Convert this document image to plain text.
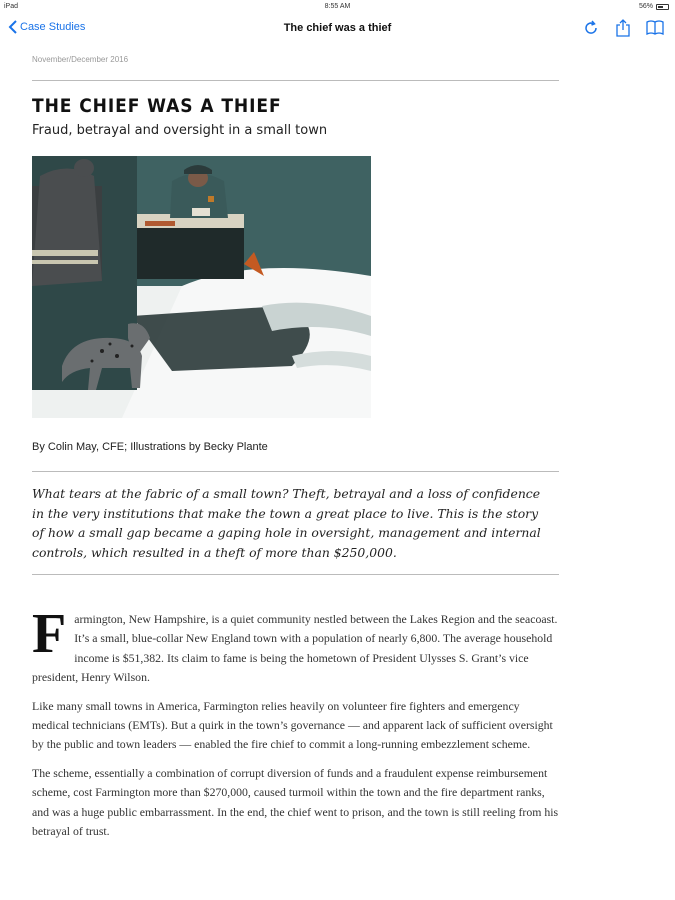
iPad	8:55 AM	56%
Case Studies	The chief was a thief
November/December 2016
THE CHIEF WAS A THIEF
Fraud, betrayal and oversight in a small town
By Colin May, CFE; Illustrations by Becky Plante

What tears at the fabric of a small town? Theft, betrayal and a loss of confidence in the very institutions that make the town a great place to live. This is the story of how a small gap became a gaping hole in oversight, management and internal controls, which resulted in a theft of more than $250,000.

Farmington, New Hampshire, is a quiet community nestled between the Lakes Region and the seacoast. It’s a small, blue-collar New England town with a population of nearly 6,800. The average household income is $51,382. Its claim to fame is being the hometown of President Ulysses S. Grant’s vice president, Henry Wilson.

Like many small towns in America, Farmington relies heavily on volunteer fire fighters and emergency medical technicians (EMTs). But a quirk in the town’s governance — and apparent lack of sufficient oversight by the public and town leaders — enabled the fire chief to commit a long-running embezzlement scheme.

The scheme, essentially a combination of corrupt diversion of funds and a fraudulent expense reimbursement scheme, cost Farmington more than $270,000, caused turmoil within the town and the fire department ranks, and was a huge public embarrassment. In the end, the chief went to prison, and the town is still reeling from his betrayal of trust.
